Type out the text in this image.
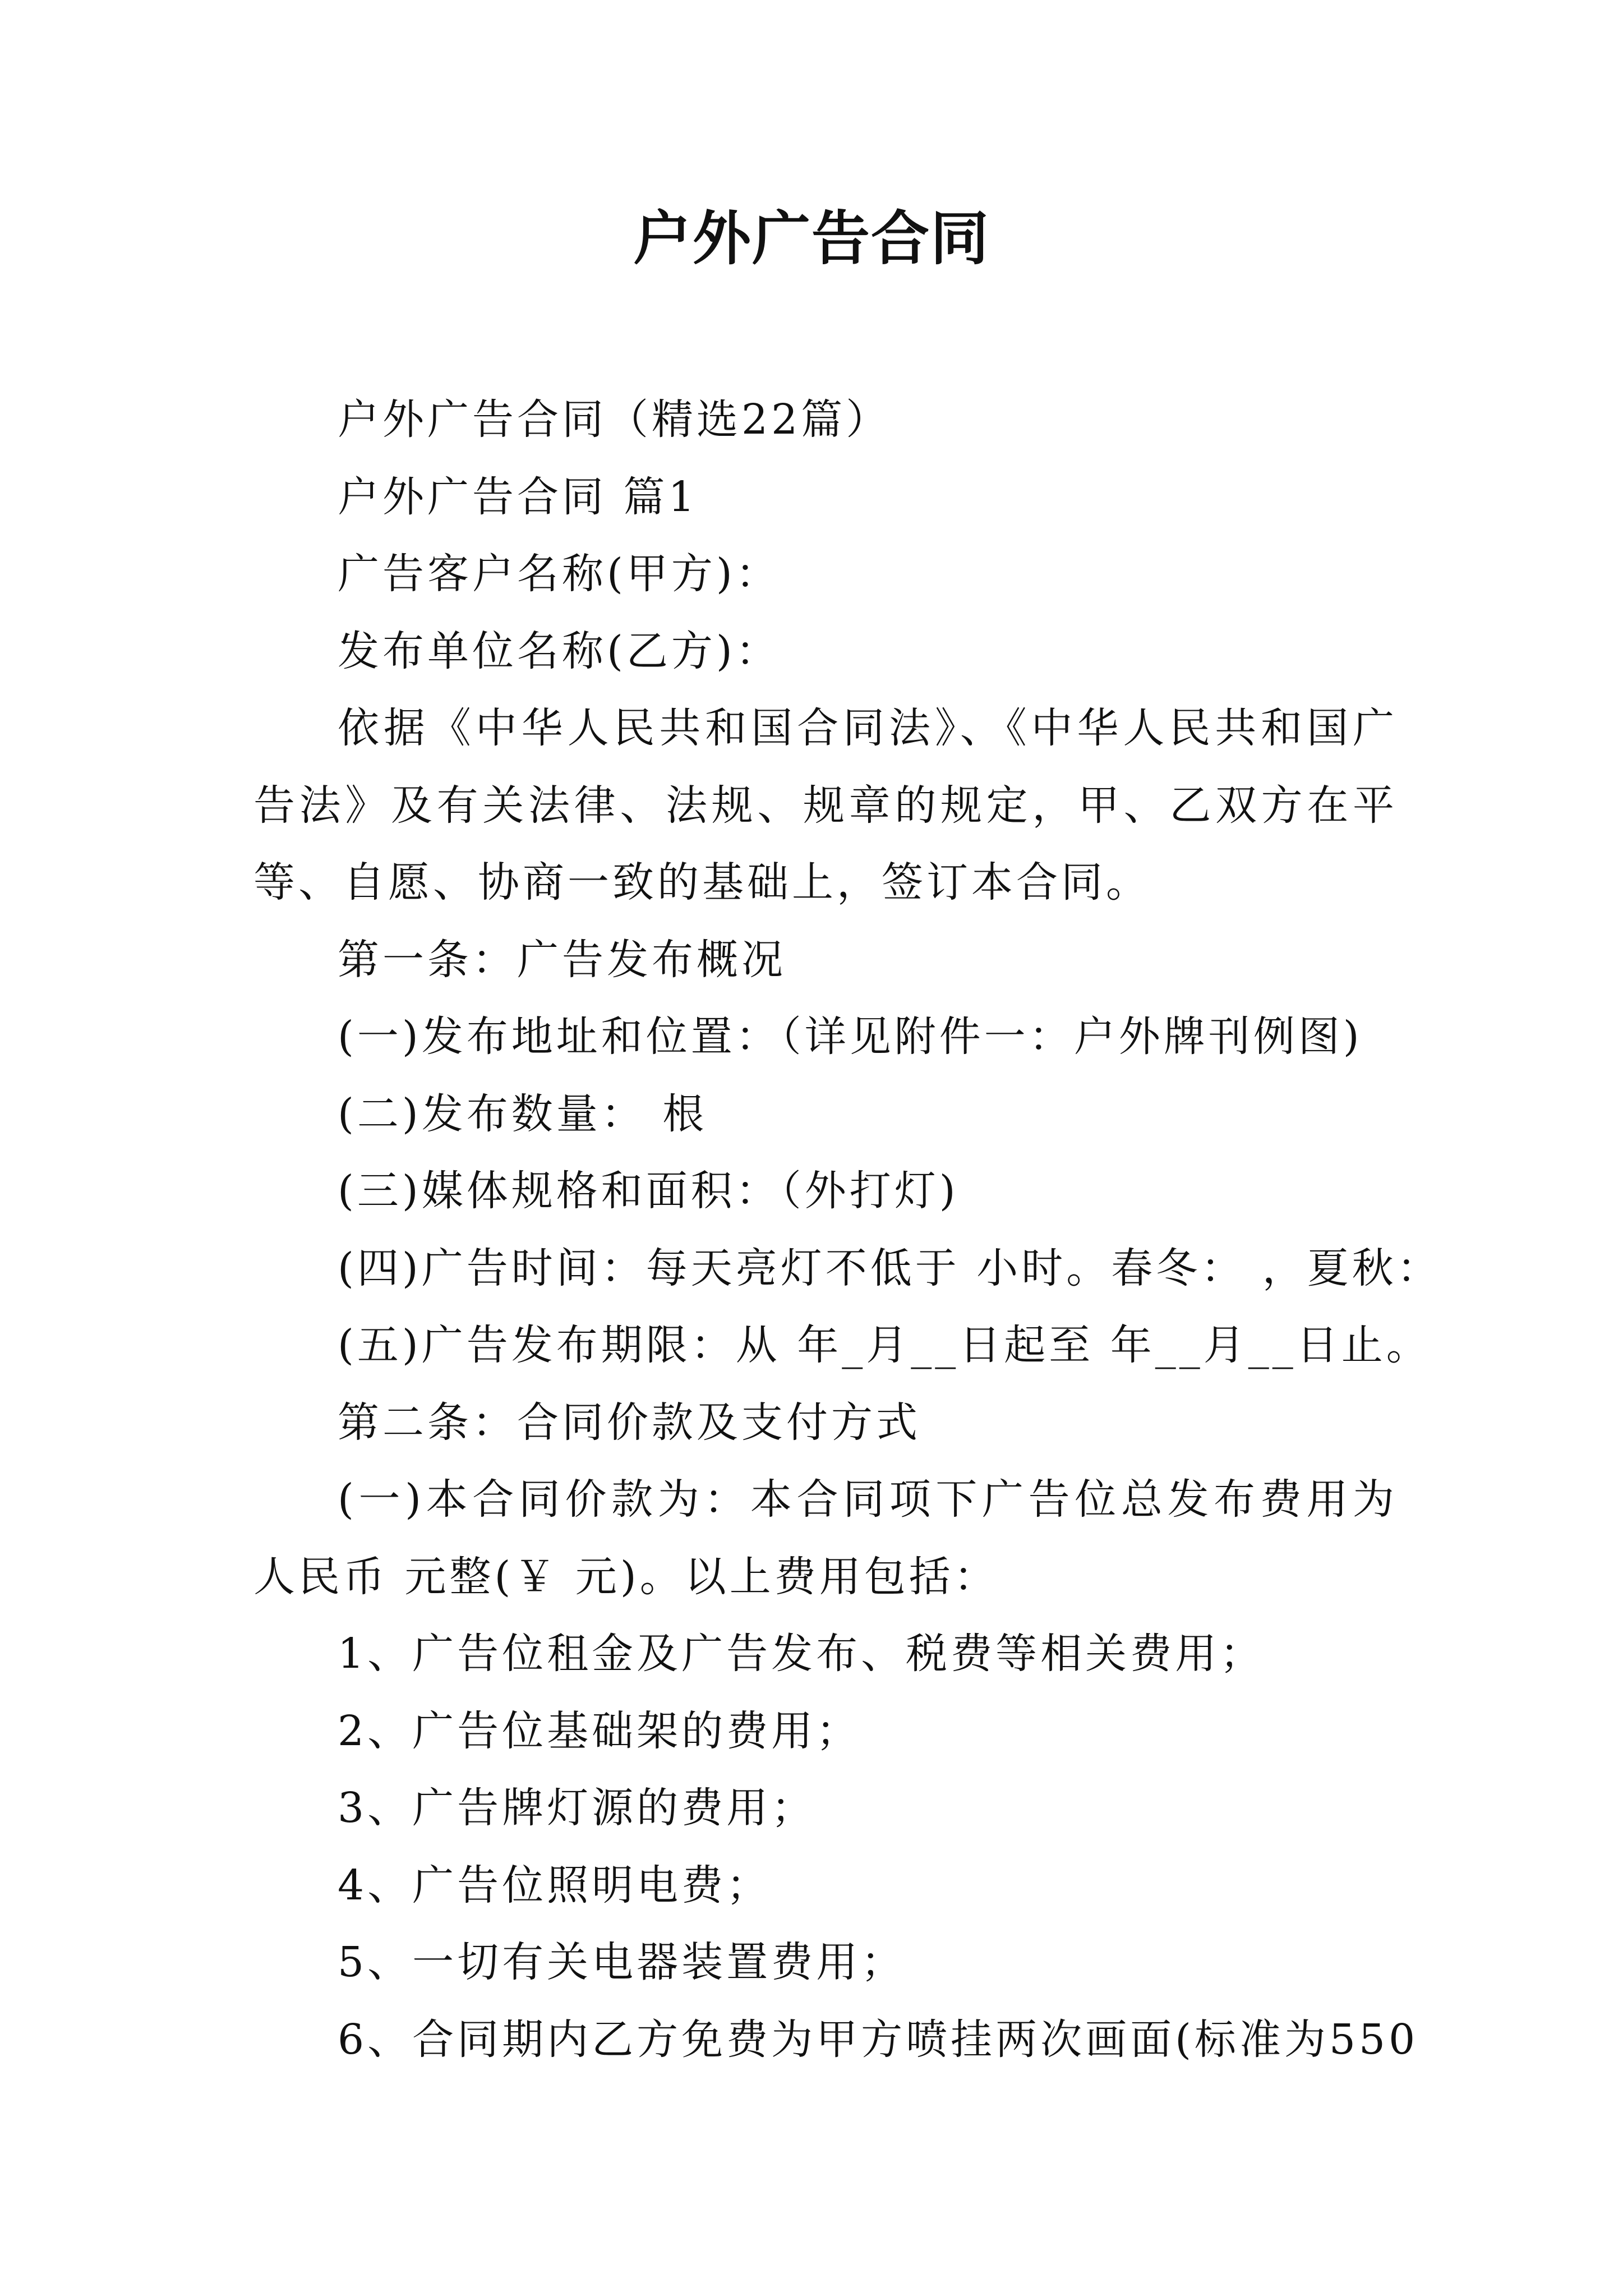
户外广告合同

户外广告合同（精选22篇）

户外广告合同 篇1

广告客户名称(甲方)：

发布单位名称(乙方)：

依据《中华人民共和国合同法》、《中华人民共和国广告法》及有关法律、法规、规章的规定，甲、乙双方在平等、自愿、协商一致的基础上，签订本合同。

第一条：广告发布概况

(一)发布地址和位置：（详见附件一：户外牌刊例图)

(二)发布数量： 根

(三)媒体规格和面积：（外打灯)

(四)广告时间：每天亮灯不低于 小时。春冬： ，夏秋：

(五)广告发布期限：从 年_月__日起至 年__月__日止。

第二条：合同价款及支付方式

(一)本合同价款为：本合同项下广告位总发布费用为人民币 元整(￥ 元)。以上费用包括：

1、广告位租金及广告发布、税费等相关费用；

2、广告位基础架的费用；

3、广告牌灯源的费用；

4、广告位照明电费；

5、一切有关电器装置费用；

6、合同期内乙方免费为甲方喷挂两次画面(标准为550
